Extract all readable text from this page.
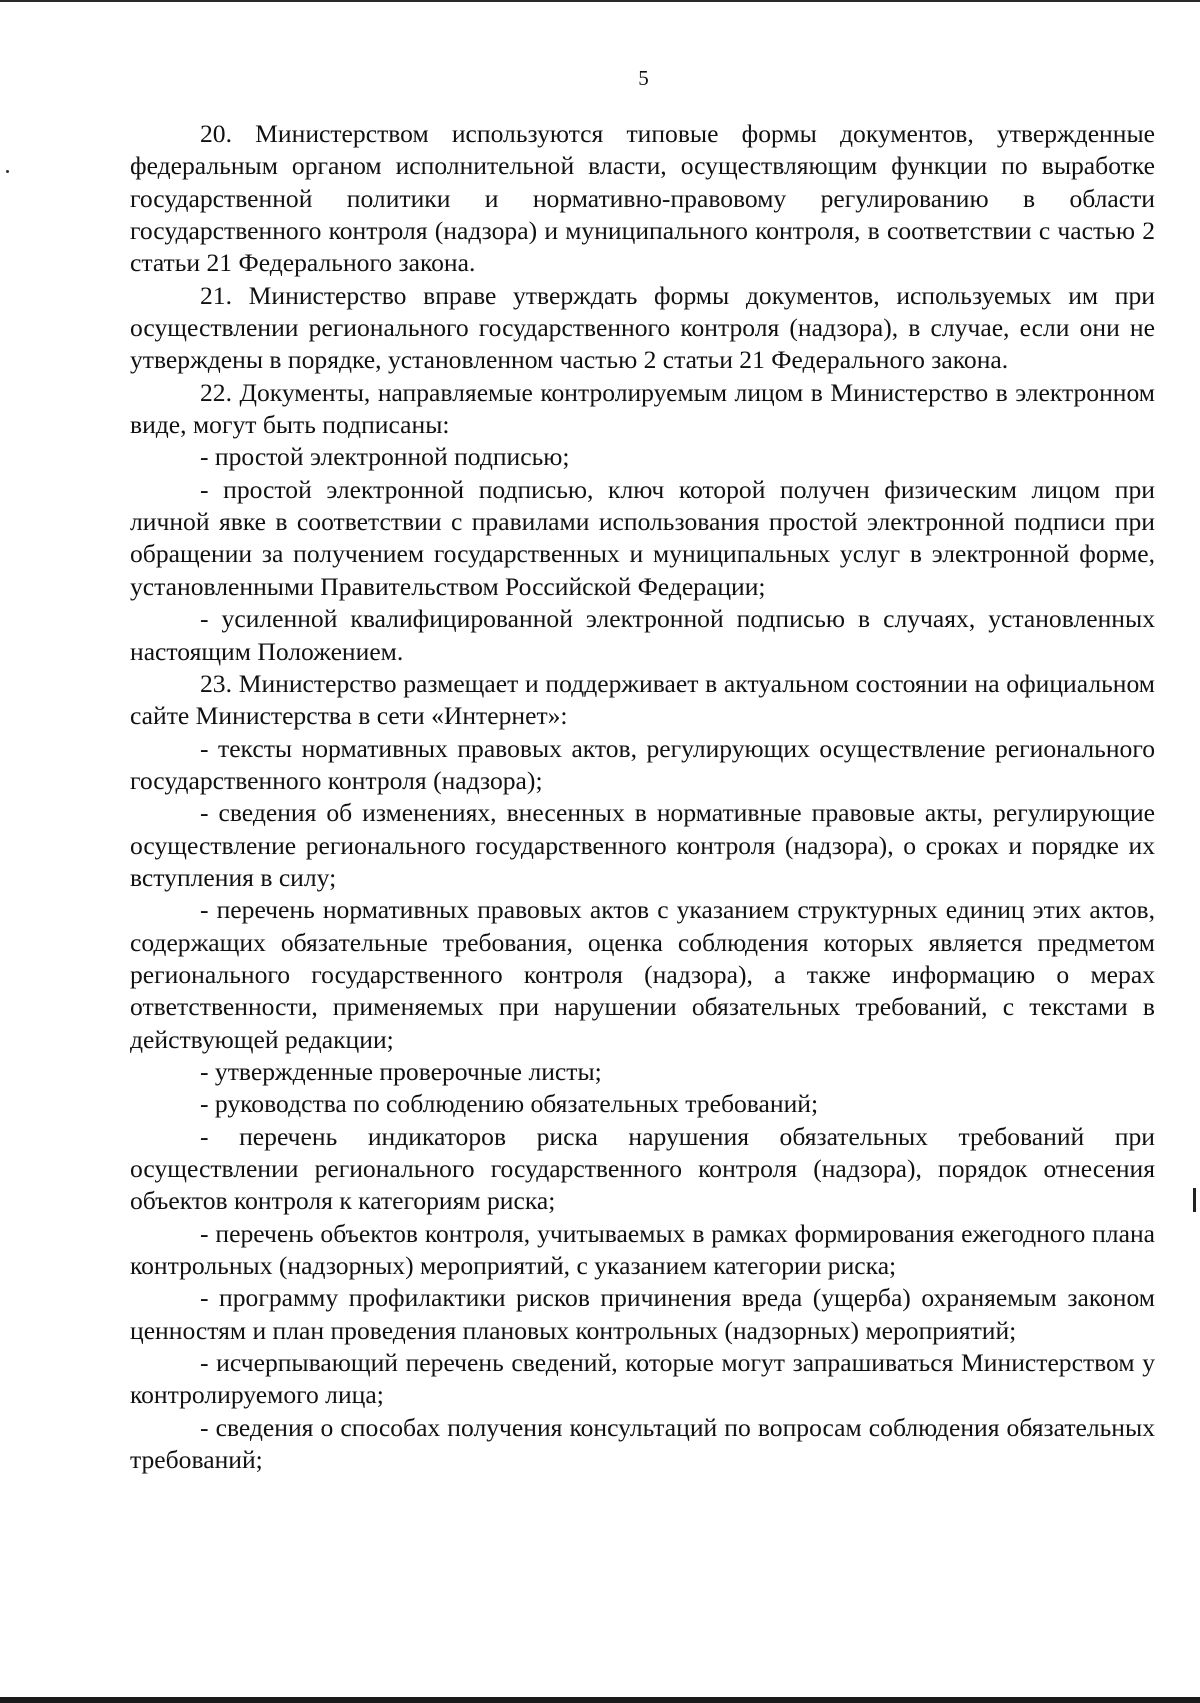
5

20. Министерством используются типовые формы документов, утвержденные федеральным органом исполнительной власти, осуществляющим функции по выработке государственной политики и нормативно-правовому регулированию в области государственного контроля (надзора) и муниципального контроля, в соответствии с частью 2 статьи 21 Федерального закона.

21. Министерство вправе утверждать формы документов, используемых им при осуществлении регионального государственного контроля (надзора), в случае, если они не утверждены в порядке, установленном частью 2 статьи 21 Федерального закона.

22. Документы, направляемые контролируемым лицом в Министерство в электронном виде, могут быть подписаны:

- простой электронной подписью;

- простой электронной подписью, ключ которой получен физическим лицом при личной явке в соответствии с правилами использования простой электронной подписи при обращении за получением государственных и муниципальных услуг в электронной форме, установленными Правительством Российской Федерации;

- усиленной квалифицированной электронной подписью в случаях, установленных настоящим Положением.

23. Министерство размещает и поддерживает в актуальном состоянии на официальном сайте Министерства в сети «Интернет»:

- тексты нормативных правовых актов, регулирующих осуществление регионального государственного контроля (надзора);

- сведения об изменениях, внесенных в нормативные правовые акты, регулирующие осуществление регионального государственного контроля (надзора), о сроках и порядке их вступления в силу;

- перечень нормативных правовых актов с указанием структурных единиц этих актов, содержащих обязательные требования, оценка соблюдения которых является предметом регионального государственного контроля (надзора), а также информацию о мерах ответственности, применяемых при нарушении обязательных требований, с текстами в действующей редакции;

- утвержденные проверочные листы;

- руководства по соблюдению обязательных требований;

- перечень индикаторов риска нарушения обязательных требований при осуществлении регионального государственного контроля (надзора), порядок отнесения объектов контроля к категориям риска;

- перечень объектов контроля, учитываемых в рамках формирования ежегодного плана контрольных (надзорных) мероприятий, с указанием категории риска;

- программу профилактики рисков причинения вреда (ущерба) охраняемым законом ценностям и план проведения плановых контрольных (надзорных) мероприятий;

- исчерпывающий перечень сведений, которые могут запрашиваться Министерством у контролируемого лица;

- сведения о способах получения консультаций по вопросам соблюдения обязательных требований;
